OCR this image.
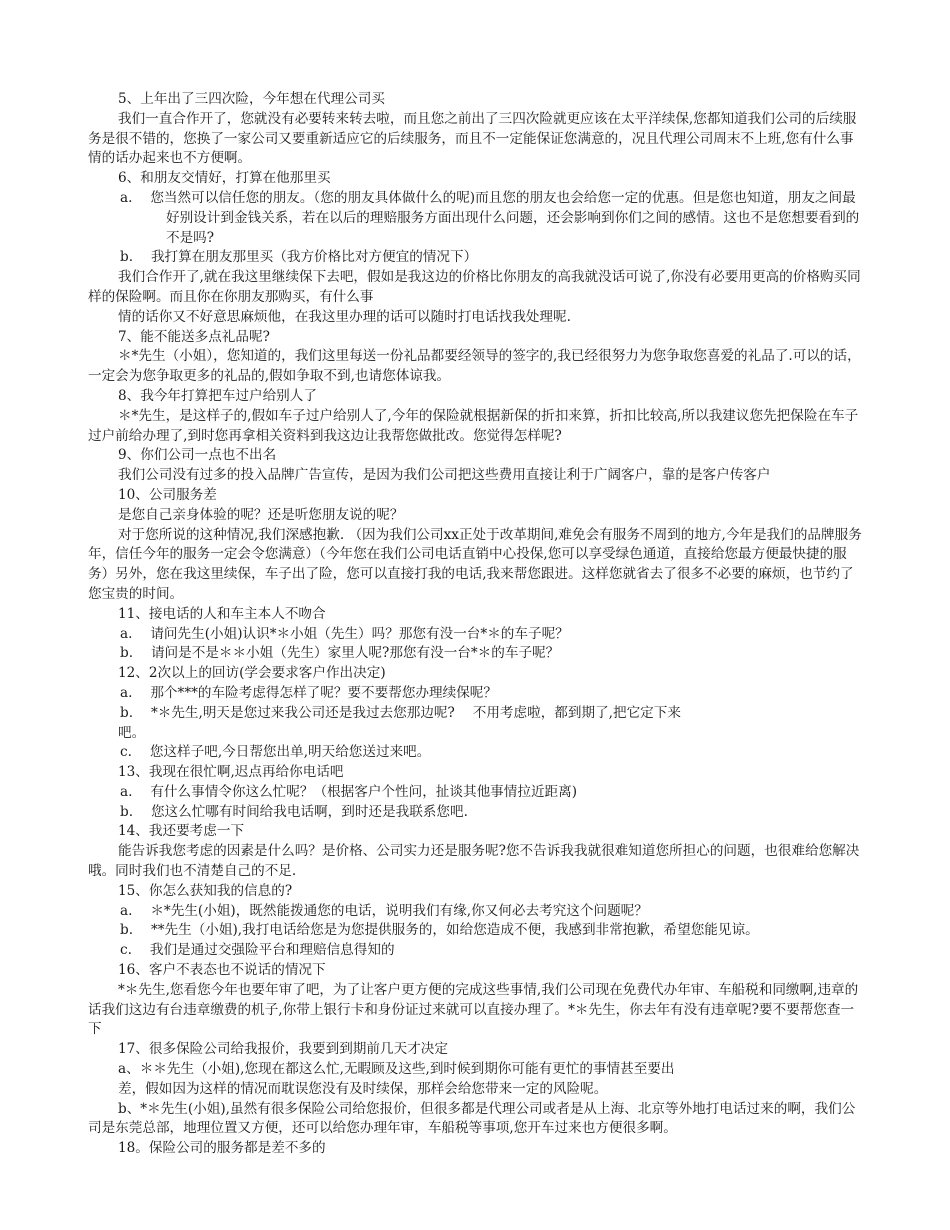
5、上年出了三四次险，今年想在代理公司买

我们一直合作开了，您就没有必要转来转去啦，而且您之前出了三四次险就更应该在太平洋续保,您都知道我们公司的后续服务是很不错的，您换了一家公司又要重新适应它的后续服务，而且不一定能保证您满意的，况且代理公司周末不上班,您有什么事情的话办起来也不方便啊。

6、和朋友交情好，打算在他那里买

a.　 您当然可以信任您的朋友。（您的朋友具体做什么的呢)而且您的朋友也会给您一定的优惠。但是您也知道，朋友之间最好别设计到金钱关系，若在以后的理赔服务方面出现什么问题，还会影响到你们之间的感情。这也不是您想要看到的不是吗?

b.　 我打算在朋友那里买（我方价格比对方便宜的情况下）

我们合作开了,就在我这里继续保下去吧，假如是我这边的价格比你朋友的高我就没话可说了,你没有必要用更高的价格购买同样的保险啊。而且你在你朋友那购买，有什么事

情的话你又不好意思麻烦他，在我这里办理的话可以随时打电话找我处理呢.

7、能不能送多点礼品呢?

＊*先生（小姐），您知道的，我们这里每送一份礼品都要经领导的签字的,我已经很努力为您争取您喜爱的礼品了.可以的话，一定会为您争取更多的礼品的,假如争取不到,也请您体谅我。

8、我今年打算把车过户给别人了

＊*先生，是这样子的,假如车子过户给别人了,今年的保险就根据新保的折扣来算，折扣比较高,所以我建议您先把保险在车子过户前给办理了,到时您再拿相关资料到我这边让我帮您做批改。您觉得怎样呢?

9、你们公司一点也不出名

我们公司没有过多的投入品牌广告宣传，是因为我们公司把这些费用直接让利于广阔客户，靠的是客户传客户

10、公司服务差

是您自己亲身体验的呢？还是听您朋友说的呢？

对于您所说的这种情况,我们深感抱歉. （因为我们公司xx正处于改革期间,难免会有服务不周到的地方,今年是我们的品牌服务年，信任今年的服务一定会令您满意）（今年您在我们公司电话直销中心投保,您可以享受绿色通道，直接给您最方便最快捷的服务）另外，您在我这里续保，车子出了险，您可以直接打我的电话,我来帮您跟进。这样您就省去了很多不必要的麻烦，也节约了您宝贵的时间。

11、接电话的人和车主本人不吻合

a.　 请问先生(小姐)认识*＊小姐（先生）吗？那您有没一台*＊的车子呢？

b.　 请问是不是＊＊小姐（先生）家里人呢?那您有没一台*＊的车子呢？

12、2次以上的回访(学会要求客户作出决定)

a.　 那个***的车险考虑得怎样了呢？要不要帮您办理续保呢？

b.　 *＊先生,明天是您过来我公司还是我过去您那边呢?　 不用考虑啦，都到期了,把它定下来

吧。

c.　 您这样子吧,今日帮您出单,明天给您送过来吧。

13、我现在很忙啊,迟点再给你电话吧

a.　 有什么事情令你这么忙呢？（根据客户个性问，扯谈其他事情拉近距离)

b.　 您这么忙哪有时间给我电话啊，到时还是我联系您吧.

14、我还要考虑一下

能告诉我您考虑的因素是什么吗？是价格、公司实力还是服务呢?您不告诉我我就很难知道您所担心的问题，也很难给您解决哦。同时我们也不清楚自己的不足.

15、你怎么获知我的信息的?

a.　 ＊*先生(小姐)，既然能拨通您的电话，说明我们有缘,你又何必去考究这个问题呢？

b.　 **先生（小姐),我打电话给您是为您提供服务的，如给您造成不便，我感到非常抱歉，希望您能见谅。

c.　 我们是通过交强险平台和理赔信息得知的

16、客户不表态也不说话的情况下

*＊先生,您看您今年也要年审了吧，为了让客户更方便的完成这些事情,我们公司现在免费代办年审、车船税和同缴啊,违章的话我们这边有台违章缴费的机子,你带上银行卡和身份证过来就可以直接办理了。*＊先生，你去年有没有违章呢?要不要帮您查一下

17、很多保险公司给我报价，我要到到期前几天才决定

a、＊＊先生（小姐),您现在都这么忙,无暇顾及这些,到时候到期你可能有更忙的事情甚至要出

差，假如因为这样的情况而耽误您没有及时续保，那样会给您带来一定的风险呢。

b、*＊先生(小姐),虽然有很多保险公司给您报价，但很多都是代理公司或者是从上海、北京等外地打电话过来的啊，我们公司是东莞总部，地理位置又方便，还可以给您办理年审，车船税等事项,您开车过来也方便很多啊。

18。保险公司的服务都是差不多的
